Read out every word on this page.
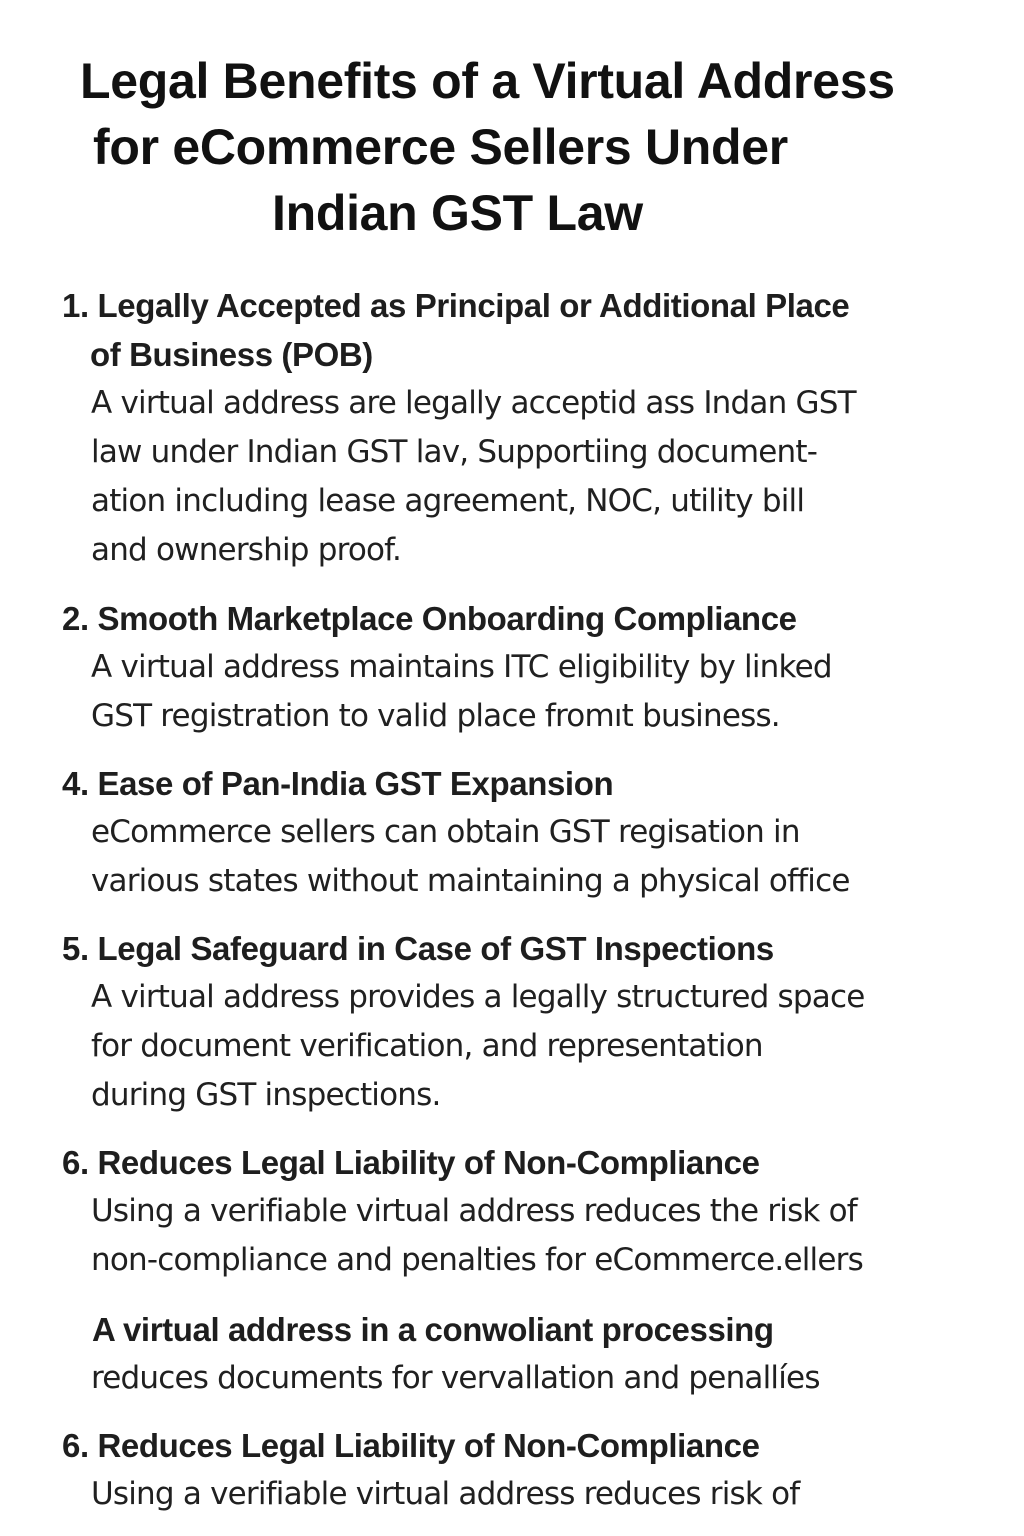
Legal Benefits of a Virtual Address
for eCommerce Sellers Under
Indian GST Law
1. Legally Accepted as Principal or Additional Place
of Business (POB)

A virtual address are legally acceptid ass Indan GST
law under Indian GST lav, Supportiing document-
ation including lease agreement, NOC, utility bill
and ownership proof.

2. Smooth Marketplace Onboarding Compliance

A virtual address maintains ITC eligibility by linked
GST registration to valid place fromıt business.

4. Ease of Pan-India GST Expansion

eCommerce sellers can obtain GST regisation in
various states without maintaining a physical office

5. Legal Safeguard in Case of GST Inspections

A virtual address provides a legally structured space
for document verification, and representation
during GST inspections.

6. Reduces Legal Liability of Non-Compliance

Using a verifiable virtual address reduces the risk of
non-compliance and penalties for eCommerce.ellers

A virtual address in a conwoliant processing

reduces documents for vervallation and penallíes

6. Reduces Legal Liability of Non-Compliance

Using a verifiable virtual address reduces risk of
